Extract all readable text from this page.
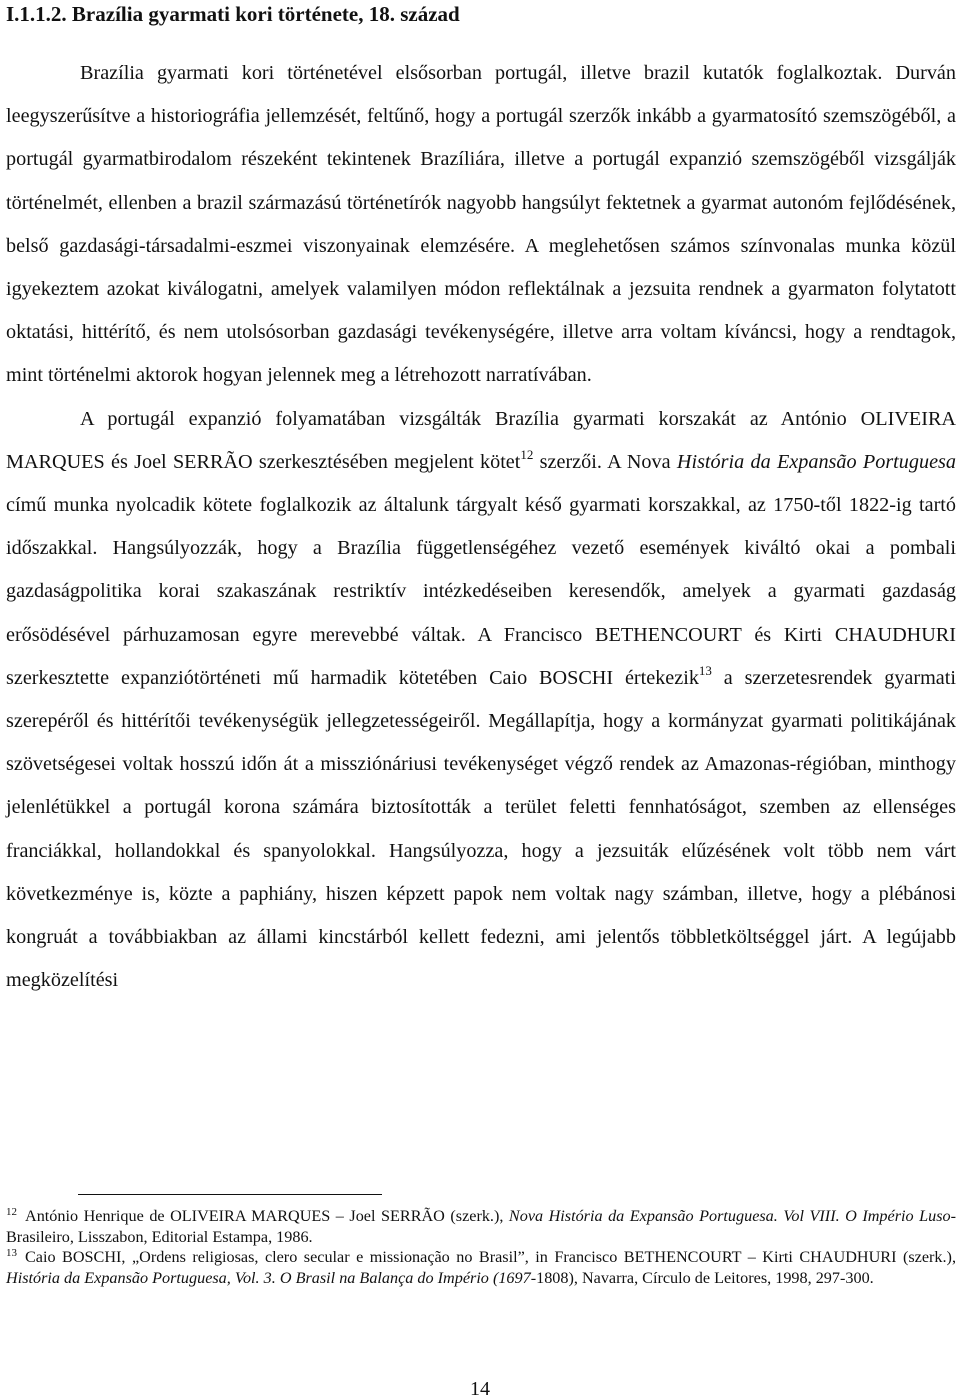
I.1.1.2. Brazília gyarmati kori története, 18. század

Brazília gyarmati kori történetével elsősorban portugál, illetve brazil kutatók foglalkoztak. Durván leegyszerűsítve a historiográfia jellemzését, feltűnő, hogy a portugál szerzők inkább a gyarmatosító szemszögéből, a portugál gyarmatbirodalom részeként tekintenek Brazíliára, illetve a portugál expanzió szemszögéből vizsgálják történelmét, ellenben a brazil származású történetírók nagyobb hangsúlyt fektetnek a gyarmat autonóm fejlődésének, belső gazdasági-társadalmi-eszmei viszonyainak elemzésére. A meglehetősen számos színvonalas munka közül igyekeztem azokat kiválogatni, amelyek valamilyen módon reflektálnak a jezsuita rendnek a gyarmaton folytatott oktatási, hittérítő, és nem utolsósorban gazdasági tevékenységére, illetve arra voltam kíváncsi, hogy a rendtagok, mint történelmi aktorok hogyan jelennek meg a létrehozott narratívában.

A portugál expanzió folyamatában vizsgálták Brazília gyarmati korszakát az António OLIVEIRA MARQUES és Joel SERRÃO szerkesztésében megjelent kötet$^{12}$ szerzői. A Nova História da Expansão Portuguesa című munka nyolcadik kötete foglalkozik az általunk tárgyalt késő gyarmati korszakkal, az 1750-től 1822-ig tartó időszakkal. Hangsúlyozzák, hogy a Brazília függetlenségéhez vezető események kiváltó okai a pombali gazdaságpolitika korai szakaszának restriktív intézkedéseiben keresendők, amelyek a gyarmati gazdaság erősödésével párhuzamosan egyre merevebbé váltak. A Francisco BETHENCOURT és Kirti CHAUDHURI szerkesztette expanziótörténeti mű harmadik kötetében Caio BOSCHI értekezik$^{13}$ a szerzetesrendek gyarmati szerepéről és hittérítői tevékenységük jellegzetességeiről. Megállapítja, hogy a kormányzat gyarmati politikájának szövetségesei voltak hosszú időn át a missziónáriusi tevékenységet végző rendek az Amazonas-régióban, minthogy jelenlétükkel a portugál korona számára biztosították a terület feletti fennhatóságot, szemben az ellenséges franciákkal, hollandokkal és spanyolokkal. Hangsúlyozza, hogy a jezsuiták elűzésének volt több nem várt következménye is, közte a paphiány, hiszen képzett papok nem voltak nagy számban, illetve, hogy a plébánosi kongruát a továbbiakban az állami kincstárból kellett fedezni, ami jelentős többletköltséggel járt. A legújabb megközelítési

$^{12}$ António Henrique de OLIVEIRA MARQUES – Joel SERRÃO (szerk.), Nova História da Expansão Portuguesa. Vol VIII. O Império Luso-Brasileiro, Lisszabon, Editorial Estampa, 1986.

$^{13}$ Caio BOSCHI, „Ordens religiosas, clero secular e missionação no Brasil”, in Francisco BETHENCOURT – Kirti CHAUDHURI (szerk.), História da Expansão Portuguesa, Vol. 3. O Brasil na Balança do Império (1697-1808), Navarra, Círculo de Leitores, 1998, 297-300.

14
